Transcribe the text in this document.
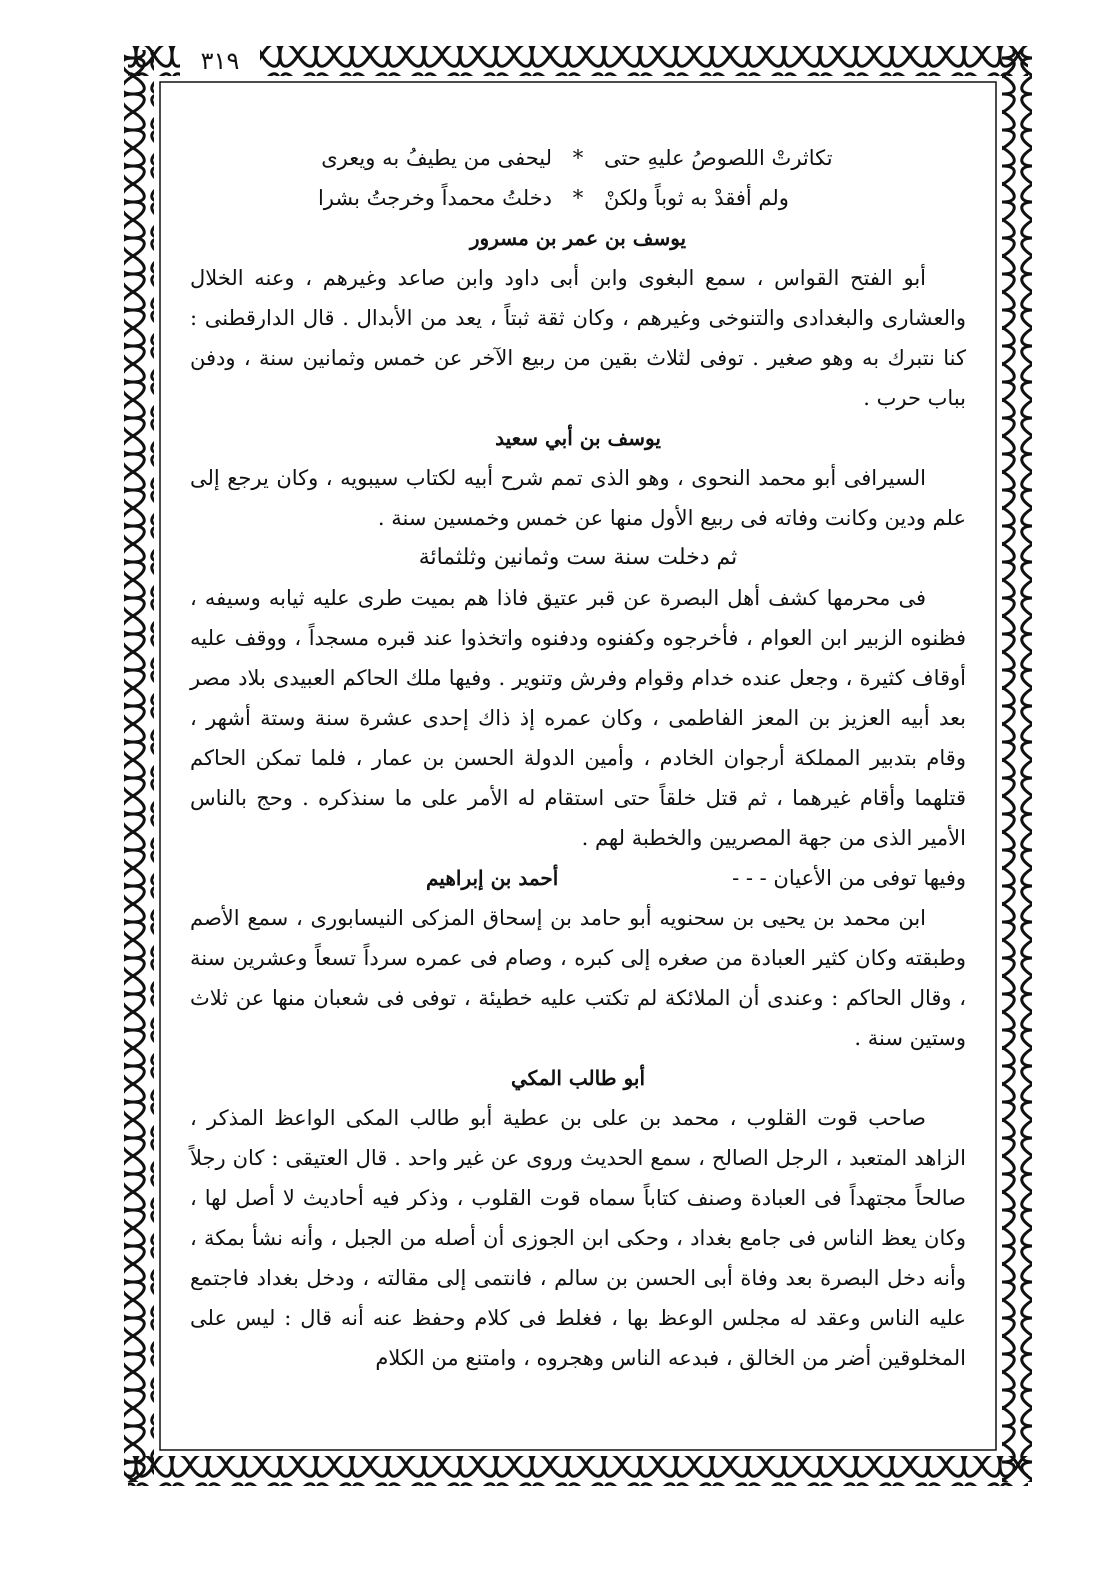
٣١٩
تكاثرتْ اللصوصُ عليهِ حتى
*
ليحفى من يطيفُ به ويعرى
ولم أفقدْ به ثوباً ولكنْ
*
دخلتُ محمداً وخرجتُ بشرا
يوسف بن عمر بن مسرور

أبو الفتح القواس ، سمع البغوى وابن أبى داود وابن صاعد وغيرهم ، وعنه الخلال والعشارى والبغدادى والتنوخى وغيرهم ، وكان ثقة ثبتاً ، يعد من الأبدال . قال الدارقطنى : كنا نتبرك به وهو صغير . توفى لثلاث بقين من ربيع الآخر عن خمس وثمانين سنة ، ودفن بباب حرب .

يوسف بن أبي سعيد

السيرافى أبو محمد النحوى ، وهو الذى تمم شرح أبيه لكتاب سيبويه ، وكان يرجع إلى علم ودين وكانت وفاته فى ربيع الأول منها عن خمس وخمسين سنة .

ثم دخلت سنة ست وثمانين وثلثمائة

فى محرمها كشف أهل البصرة عن قبر عتيق فاذا هم بميت طرى عليه ثيابه وسيفه ، فظنوه الزبير ابن العوام ، فأخرجوه وكفنوه ودفنوه واتخذوا عند قبره مسجداً ، ووقف عليه أوقاف كثيرة ، وجعل عنده خدام وقوام وفرش وتنوير . وفيها ملك الحاكم العبيدى بلاد مصر بعد أبيه العزيز بن المعز الفاطمى ، وكان عمره إذ ذاك إحدى عشرة سنة وستة أشهر ، وقام بتدبير المملكة أرجوان الخادم ، وأمين الدولة الحسن بن عمار ، فلما تمكن الحاكم قتلهما وأقام غيرهما ، ثم قتل خلقاً حتى استقام له الأمر على ما سنذكره . وحج بالناس الأمير الذى من جهة المصريين والخطبة لهم .

وفيها توفى من الأعيان - - -
أحمد بن إبراهيم

ابن محمد بن يحيى بن سحنويه أبو حامد بن إسحاق المزكى النيسابورى ، سمع الأصم وطبقته وكان كثير العبادة من صغره إلى كبره ، وصام فى عمره سرداً تسعاً وعشرين سنة ، وقال الحاكم : وعندى أن الملائكة لم تكتب عليه خطيئة ، توفى فى شعبان منها عن ثلاث وستين سنة .

أبو طالب المكي

صاحب قوت القلوب ، محمد بن على بن عطية أبو طالب المكى الواعظ المذكر ، الزاهد المتعبد ، الرجل الصالح ، سمع الحديث وروى عن غير واحد . قال العتيقى : كان رجلاً صالحاً مجتهداً فى العبادة وصنف كتاباً سماه قوت القلوب ، وذكر فيه أحاديث لا أصل لها ، وكان يعظ الناس فى جامع بغداد ، وحكى ابن الجوزى أن أصله من الجبل ، وأنه نشأ بمكة ، وأنه دخل البصرة بعد وفاة أبى الحسن بن سالم ، فانتمى إلى مقالته ، ودخل بغداد فاجتمع عليه الناس وعقد له مجلس الوعظ بها ، فغلط فى كلام وحفظ عنه أنه قال : ليس على المخلوقين أضر من الخالق ، فبدعه الناس وهجروه ، وامتنع من الكلام
